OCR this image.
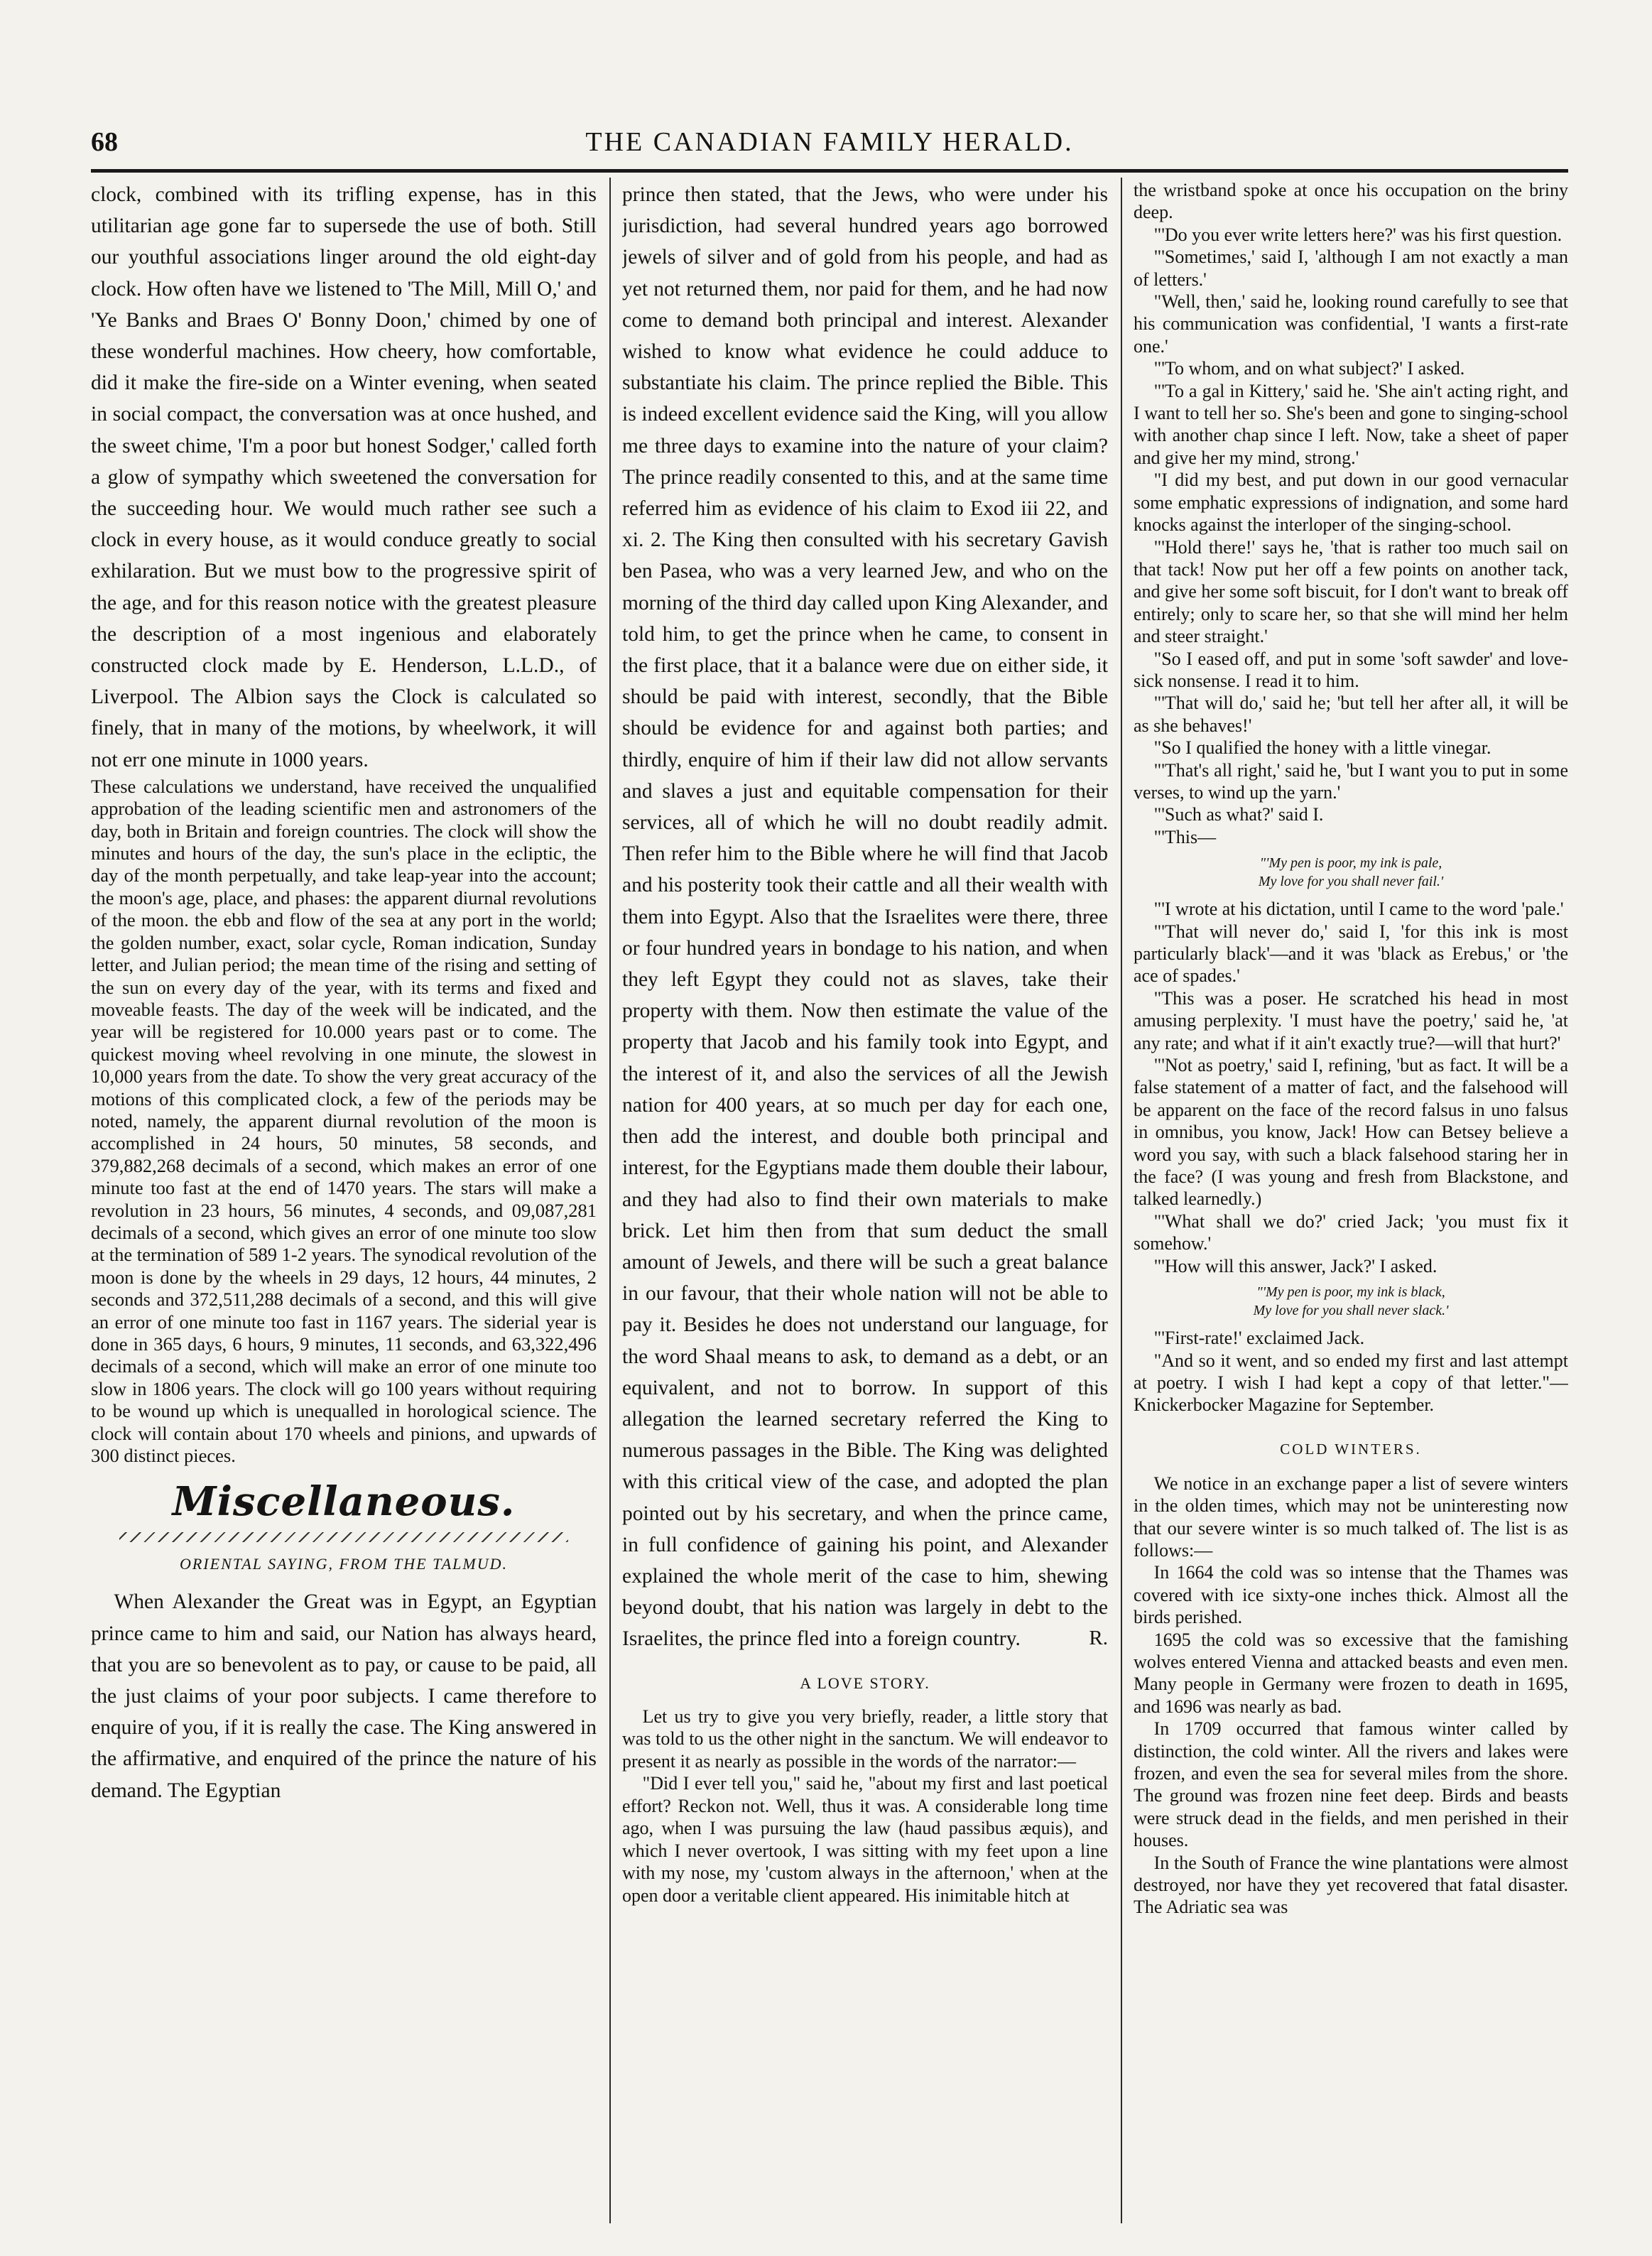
68	THE CANADIAN FAMILY HERALD.

clock, combined with its trifling expense, has in this utilitarian age gone far to supersede the use of both. Still our youthful associations linger around the old eight-day clock. How often have we listened to 'The Mill, Mill O,' and 'Ye Banks and Braes O' Bonny Doon,' chimed by one of these wonderful machines. How cheery, how comfortable, did it make the fire-side on a Winter evening, when seated in social compact, the conversation was at once hushed, and the sweet chime, 'I'm a poor but honest Sodger,' called forth a glow of sympathy which sweetened the conversation for the succeeding hour. We would much rather see such a clock in every house, as it would conduce greatly to social exhilaration. But we must bow to the progressive spirit of the age, and for this reason notice with the greatest pleasure the description of a most ingenious and elaborately constructed clock made by E. Henderson, L.L.D., of Liverpool. The Albion says the Clock is calculated so finely, that in many of the motions, by wheelwork, it will not err one minute in 1000 years.

These calculations we understand, have received the unqualified approbation of the leading scientific men and astronomers of the day, both in Britain and foreign countries. The clock will show the minutes and hours of the day, the sun's place in the ecliptic, the day of the month perpetually, and take leap-year into the account; the moon's age, place, and phases: the apparent diurnal revolutions of the moon. the ebb and flow of the sea at any port in the world; the golden number, exact, solar cycle, Roman indication, Sunday letter, and Julian period; the mean time of the rising and setting of the sun on every day of the year, with its terms and fixed and moveable feasts. The day of the week will be indicated, and the year will be registered for 10.000 years past or to come. The quickest moving wheel revolving in one minute, the slowest in 10,000 years from the date. To show the very great accuracy of the motions of this complicated clock, a few of the periods may be noted, namely, the apparent diurnal revolution of the moon is accomplished in 24 hours, 50 minutes, 58 seconds, and 379,882,268 decimals of a second, which makes an error of one minute too fast at the end of 1470 years. The stars will make a revolution in 23 hours, 56 minutes, 4 seconds, and 09,087,281 decimals of a second, which gives an error of one minute too slow at the termination of 589 1-2 years. The synodical revolution of the moon is done by the wheels in 29 days, 12 hours, 44 minutes, 2 seconds and 372,511,288 decimals of a second, and this will give an error of one minute too fast in 1167 years. The siderial year is done in 365 days, 6 hours, 9 minutes, 11 seconds, and 63,322,496 decimals of a second, which will make an error of one minute too slow in 1806 years. The clock will go 100 years without requiring to be wound up which is unequalled in horological science. The clock will contain about 170 wheels and pinions, and upwards of 300 distinct pieces.

Miscellaneous.
ORIENTAL SAYING, FROM THE TALMUD.

When Alexander the Great was in Egypt, an Egyptian prince came to him and said, our Nation has always heard, that you are so benevolent as to pay, or cause to be paid, all the just claims of your poor subjects. I came therefore to enquire of you, if it is really the case. The King answered in the affirmative, and enquired of the prince the nature of his demand. The Egyptian

prince then stated, that the Jews, who were under his jurisdiction, had several hundred years ago borrowed jewels of silver and of gold from his people, and had as yet not returned them, nor paid for them, and he had now come to demand both principal and interest. Alexander wished to know what evidence he could adduce to substantiate his claim. The prince replied the Bible. This is indeed excellent evidence said the King, will you allow me three days to examine into the nature of your claim? The prince readily consented to this, and at the same time referred him as evidence of his claim to Exod iii 22, and xi. 2. The King then consulted with his secretary Gavish ben Pasea, who was a very learned Jew, and who on the morning of the third day called upon King Alexander, and told him, to get the prince when he came, to consent in the first place, that it a balance were due on either side, it should be paid with interest, secondly, that the Bible should be evidence for and against both parties; and thirdly, enquire of him if their law did not allow servants and slaves a just and equitable compensation for their services, all of which he will no doubt readily admit. Then refer him to the Bible where he will find that Jacob and his posterity took their cattle and all their wealth with them into Egypt. Also that the Israelites were there, three or four hundred years in bondage to his nation, and when they left Egypt they could not as slaves, take their property with them. Now then estimate the value of the property that Jacob and his family took into Egypt, and the interest of it, and also the services of all the Jewish nation for 400 years, at so much per day for each one, then add the interest, and double both principal and interest, for the Egyptians made them double their labour, and they had also to find their own materials to make brick. Let him then from that sum deduct the small amount of Jewels, and there will be such a great balance in our favour, that their whole nation will not be able to pay it. Besides he does not understand our language, for the word Shaal means to ask, to demand as a debt, or an equivalent, and not to borrow. In support of this allegation the learned secretary referred the King to numerous passages in the Bible. The King was delighted with this critical view of the case, and adopted the plan pointed out by his secretary, and when the prince came, in full confidence of gaining his point, and Alexander explained the whole merit of the case to him, shewing beyond doubt, that his nation was largely in debt to the Israelites, the prince fled into a foreign country.	R.
A LOVE STORY.

Let us try to give you very briefly, reader, a little story that was told to us the other night in the sanctum. We will endeavor to present it as nearly as possible in the words of the narrator:—

"Did I ever tell you," said he, "about my first and last poetical effort? Reckon not. Well, thus it was. A considerable long time ago, when I was pursuing the law (haud passibus æquis), and which I never overtook, I was sitting with my feet upon a line with my nose, my 'custom always in the afternoon,' when at the open door a veritable client appeared. His inimitable hitch at

the wristband spoke at once his occupation on the briny deep.

"'Do you ever write letters here?' was his first question.

"'Sometimes,' said I, 'although I am not exactly a man of letters.'

"Well, then,' said he, looking round carefully to see that his communication was confidential, 'I wants a first-rate one.'

"'To whom, and on what subject?' I asked.

"'To a gal in Kittery,' said he. 'She ain't acting right, and I want to tell her so. She's been and gone to singing-school with another chap since I left. Now, take a sheet of paper and give her my mind, strong.'

"I did my best, and put down in our good vernacular some emphatic expressions of indignation, and some hard knocks against the interloper of the singing-school.

"'Hold there!' says he, 'that is rather too much sail on that tack! Now put her off a few points on another tack, and give her some soft biscuit, for I don't want to break off entirely; only to scare her, so that she will mind her helm and steer straight.'

"So I eased off, and put in some 'soft sawder' and love-sick nonsense. I read it to him.

"'That will do,' said he; 'but tell her after all, it will be as she behaves!'

"So I qualified the honey with a little vinegar.

"'That's all right,' said he, 'but I want you to put in some verses, to wind up the yarn.'

"'Such as what?' said I.

"'This—

"'My pen is poor, my ink is pale,
My love for you shall never fail.'

"'I wrote at his dictation, until I came to the word 'pale.'

"'That will never do,' said I, 'for this ink is most particularly black'—and it was 'black as Erebus,' or 'the ace of spades.'

"This was a poser. He scratched his head in most amusing perplexity. 'I must have the poetry,' said he, 'at any rate; and what if it ain't exactly true?—will that hurt?'

"'Not as poetry,' said I, refining, 'but as fact. It will be a false statement of a matter of fact, and the falsehood will be apparent on the face of the record falsus in uno falsus in omnibus, you know, Jack! How can Betsey believe a word you say, with such a black falsehood staring her in the face? (I was young and fresh from Blackstone, and talked learnedly.)

"'What shall we do?' cried Jack; 'you must fix it somehow.'

"'How will this answer, Jack?' I asked.

"'My pen is poor, my ink is black,
My love for you shall never slack.'

"'First-rate!' exclaimed Jack.

"And so it went, and so ended my first and last attempt at poetry. I wish I had kept a copy of that letter."—Knickerbocker Magazine for September.

COLD WINTERS.

We notice in an exchange paper a list of severe winters in the olden times, which may not be uninteresting now that our severe winter is so much talked of. The list is as follows:—

In 1664 the cold was so intense that the Thames was covered with ice sixty-one inches thick. Almost all the birds perished.

1695 the cold was so excessive that the famishing wolves entered Vienna and attacked beasts and even men. Many people in Germany were frozen to death in 1695, and 1696 was nearly as bad.

In 1709 occurred that famous winter called by distinction, the cold winter. All the rivers and lakes were frozen, and even the sea for several miles from the shore. The ground was frozen nine feet deep. Birds and beasts were struck dead in the fields, and men perished in their houses.

In the South of France the wine plantations were almost destroyed, nor have they yet recovered that fatal disaster. The Adriatic sea was
